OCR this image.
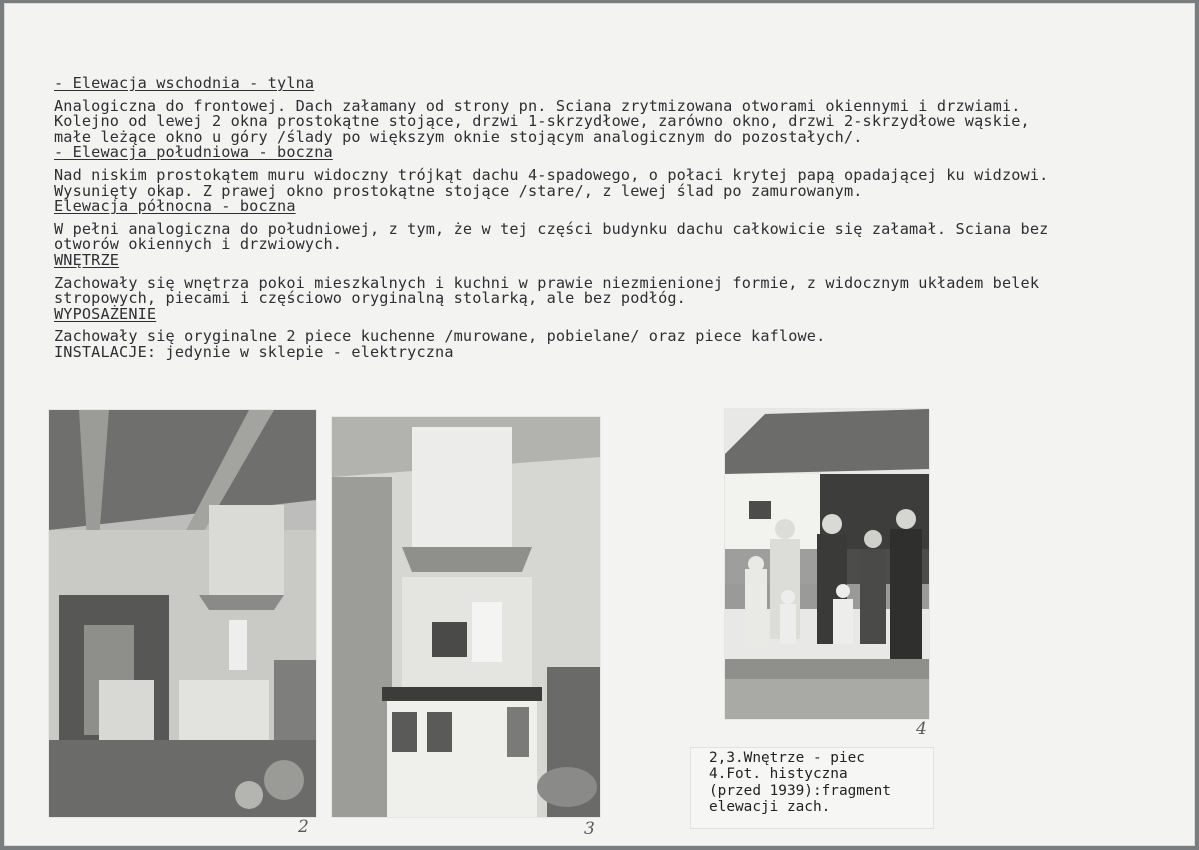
- Elewacja wschodnia - tylna
Analogiczna do frontowej. Dach załamany od strony pn. Sciana zrytmizowana otworami okiennymi i drzwiami.
Kolejno od lewej 2 okna prostokątne stojące, drzwi 1-skrzydłowe, zarówno okno, drzwi 2-skrzydłowe wąskie,
małe leżące okno u góry /ślady po większym oknie stojącym analogicznym do pozostałych/.
- Elewacja południowa - boczna
Nad niskim prostokątem muru widoczny trójkąt dachu 4-spadowego, o połaci krytej papą opadającej ku widzowi.
Wysunięty okap. Z prawej okno prostokątne stojące /stare/, z lewej ślad po zamurowanym.
Elewacja północna - boczna
W pełni analogiczna do południowej, z tym, że w tej części budynku dachu całkowicie się załamał. Sciana bez
otworów okiennych i drzwiowych.
WNĘTRZE
Zachowały się wnętrza pokoi mieszkalnych i kuchni w prawie niezmienionej formie, z widocznym układem belek
stropowych, piecami i częściowo oryginalną stolarką, ale bez podłóg.
WYPOSAŻENIE
Zachowały się oryginalne 2 piece kuchenne /murowane, pobielane/ oraz piece kaflowe.
INSTALACJE: jedynie w sklepie - elektryczna
2	3
4
2,3.Wnętrze - piec
4.Fot. histyczna
(przed 1939):fragment
elewacji zach.
